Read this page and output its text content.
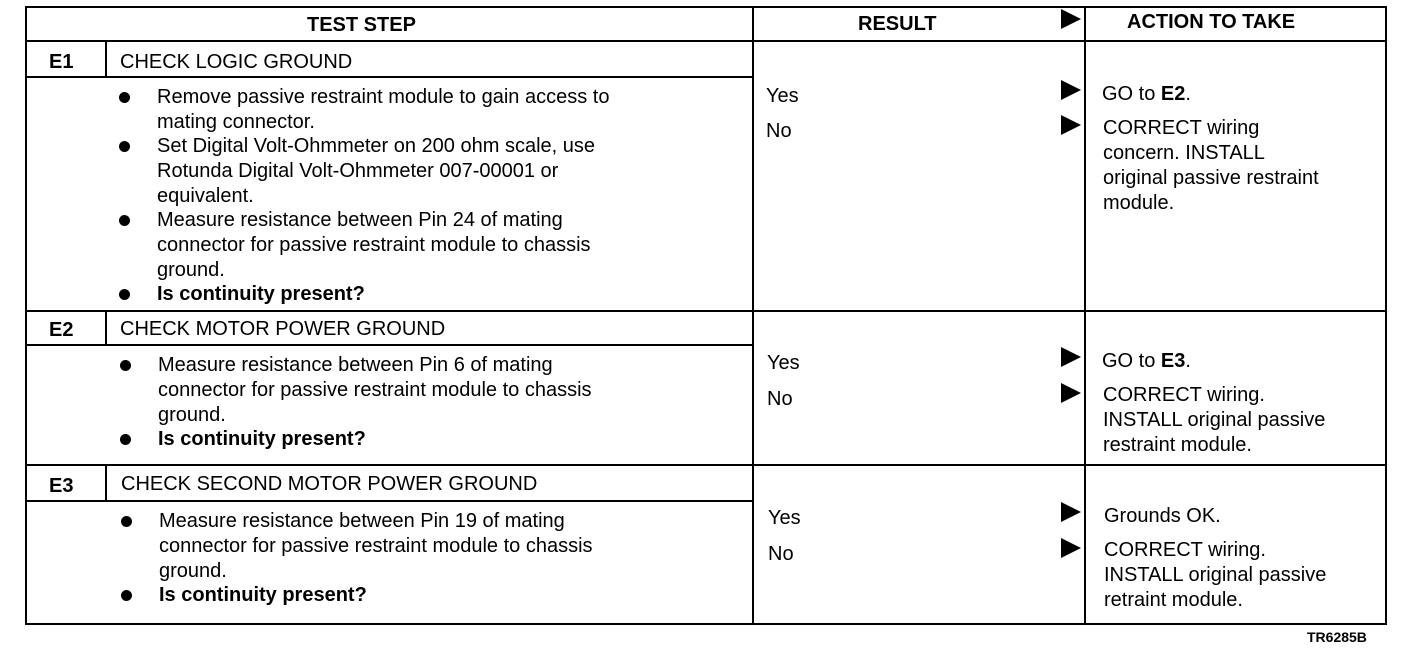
TEST STEP	RESULT	ACTION TO TAKE
E1 CHECK LOGIC GROUND
Remove passive restraint module to gain access to
mating connector.
Set Digital Volt-Ohmmeter on 200 ohm scale, use
Rotunda Digital Volt-Ohmmeter 007-00001 or
equivalent.
Measure resistance between Pin 24 of mating
connector for passive restraint module to chassis
ground.
Is continuity present?
Yes
No
GO to E2.
CORRECT wiring
concern. INSTALL
original passive restraint
module.
E2 CHECK MOTOR POWER GROUND
Measure resistance between Pin 6 of mating
connector for passive restraint module to chassis
ground.
Is continuity present?
Yes
No
GO to E3.
CORRECT wiring.
INSTALL original passive
restraint module.
E3 CHECK SECOND MOTOR POWER GROUND
Measure resistance between Pin 19 of mating
connector for passive restraint module to chassis
ground.
Is continuity present?
Yes
No
Grounds OK.
CORRECT wiring.
INSTALL original passive
retraint module.
TR6285B
